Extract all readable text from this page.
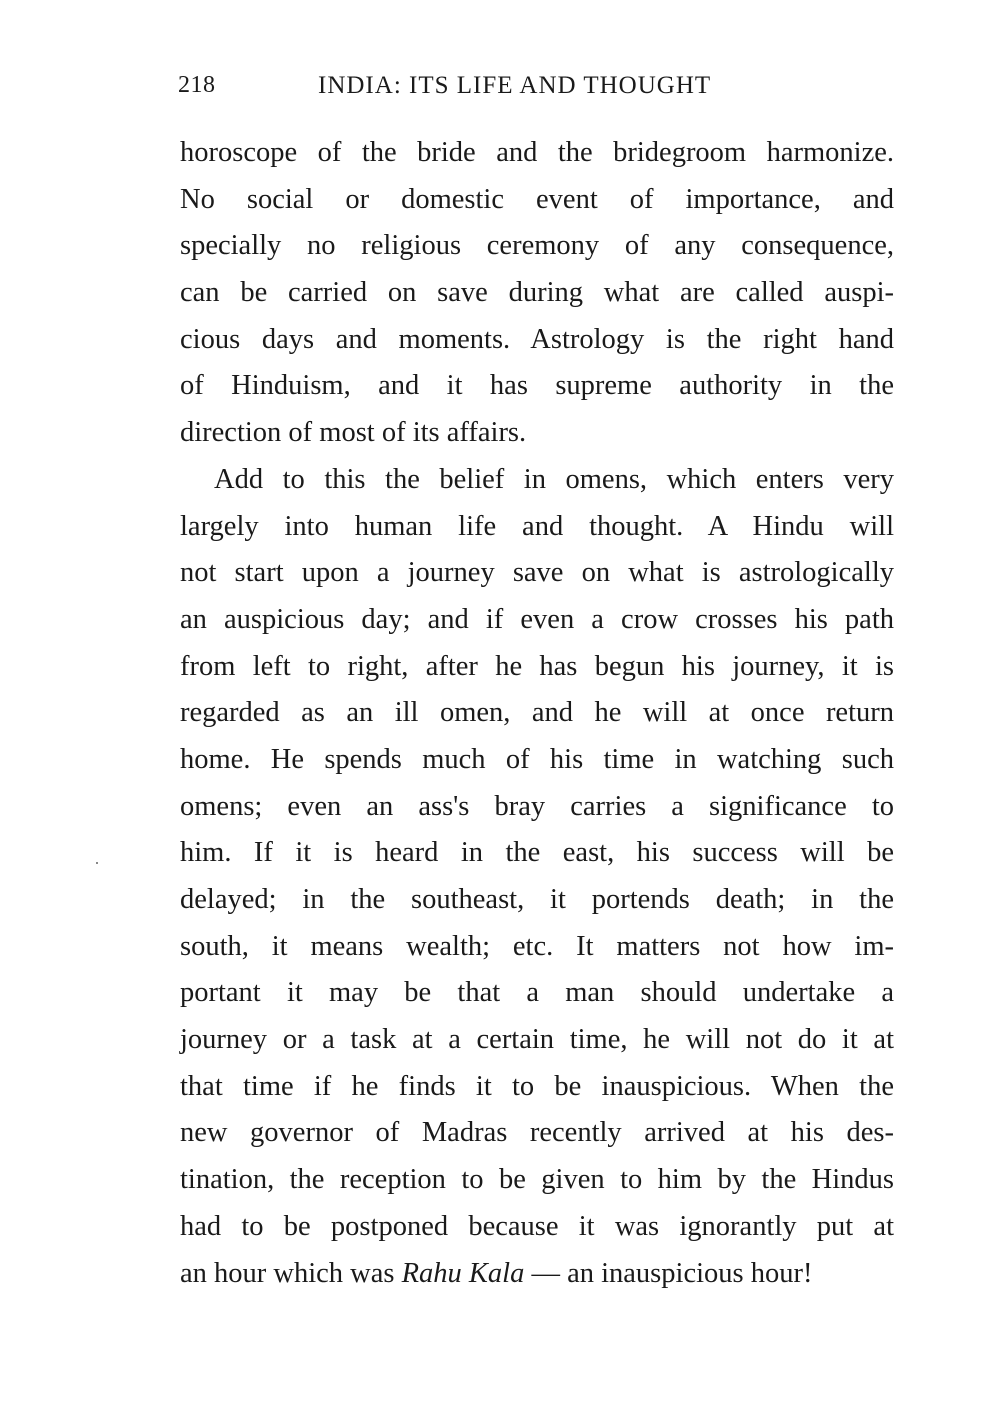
218	INDIA: ITS LIFE AND THOUGHT
horoscope of the bride and the bridegroom harmonize.
No social or domestic event of importance, and
specially no religious ceremony of any consequence,
can be carried on save during what are called auspi-
cious days and moments. Astrology is the right hand
of Hinduism, and it has supreme authority in the
direction of most of its affairs.
Add to this the belief in omens, which enters very
largely into human life and thought. A Hindu will
not start upon a journey save on what is astrologically
an auspicious day; and if even a crow crosses his path
from left to right, after he has begun his journey, it is
regarded as an ill omen, and he will at once return
home. He spends much of his time in watching such
omens; even an ass's bray carries a significance to
him. If it is heard in the east, his success will be
delayed; in the southeast, it portends death; in the
south, it means wealth; etc. It matters not how im-
portant it may be that a man should undertake a
journey or a task at a certain time, he will not do it at
that time if he finds it to be inauspicious. When the
new governor of Madras recently arrived at his des-
tination, the reception to be given to him by the Hindus
had to be postponed because it was ignorantly put at
an hour which was Rahu Kala — an inauspicious hour!
